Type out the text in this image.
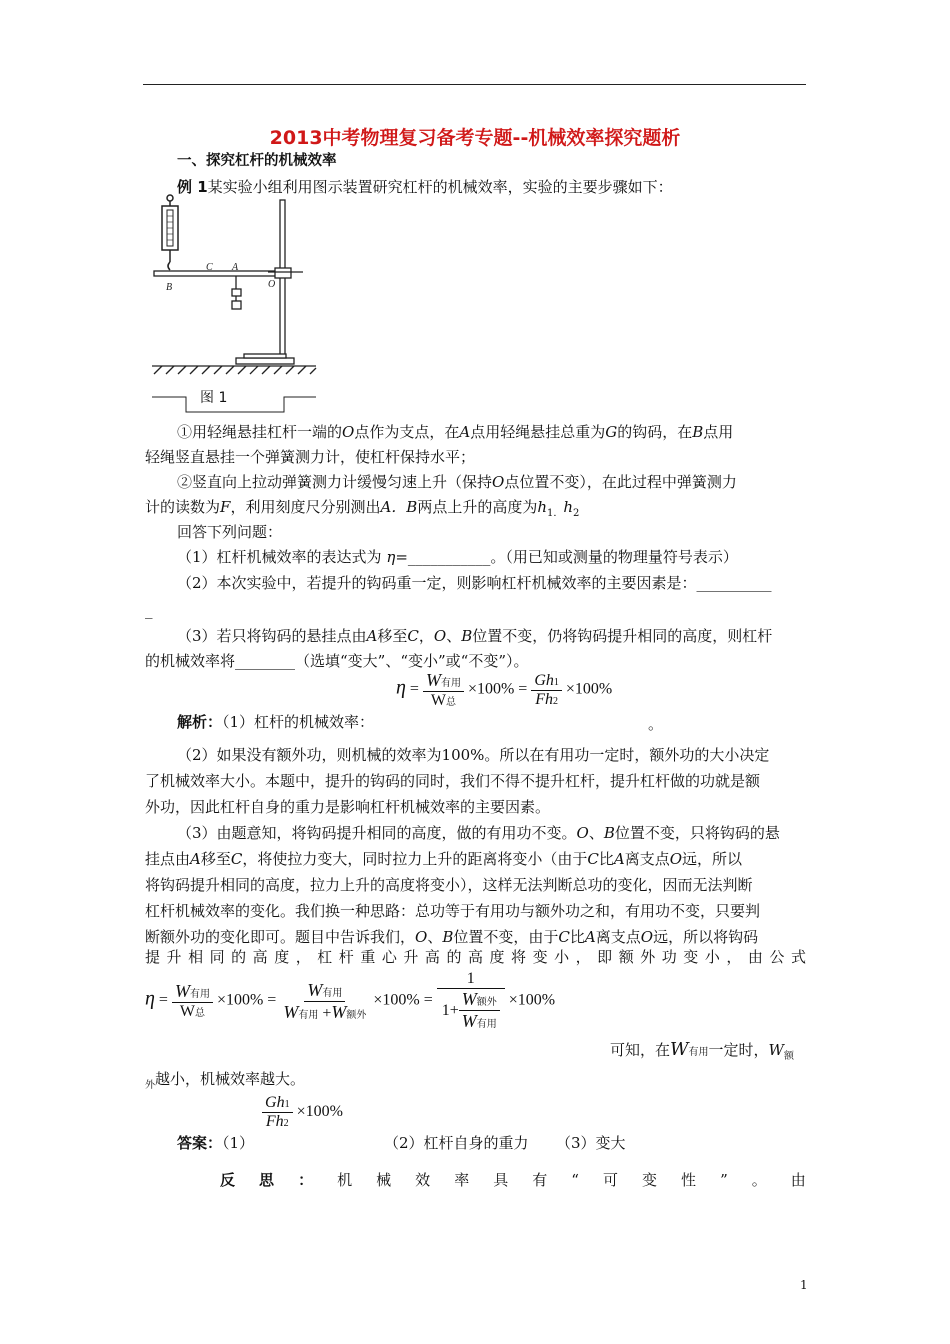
2013中考物理复习备考专题--机械效率探究题析
一、探究杠杆的机械效率
例 1某实验小组利用图示装置研究杠杆的机械效率，实验的主要步骤如下：
B
C A
O
图 1
①用轻绳悬挂杠杆一端的O点作为支点，在A点用轻绳悬挂总重为G的钩码，在B点用
轻绳竖直悬挂一个弹簧测力计，使杠杆保持水平；
②竖直向上拉动弹簧测力计缓慢匀速上升（保持O点位置不变），在此过程中弹簧测力
计的读数为F，利用刻度尺分别测出A．B两点上升的高度为$h_{1.}h_2$
回答下列问题：
（1）杠杆机械效率的表达式为 η=___________。（用已知或测量的物理量符号表示）
（2）本次实验中，若提升的钩码重一定，则影响杠杆机械效率的主要因素是：__________
_
（3）若只将钩码的悬挂点由A移至C，O、B位置不变，仍将钩码提升相同的高度，则杠杆
的机械效率将________（选填“变大”、“变小”或“不变”）。
$\eta = \frac{\text{W有用}}{\text{W总}} \times 100\% = \frac{Gh1}{Fh2} \times 100\%$
解析：（1）杠杆的机械效率：	。
（2）如果没有额外功，则机械的效率为100%。所以在有用功一定时，额外功的大小决定
了机械效率大小。本题中，提升的钩码的同时，我们不得不提升杠杆，提升杠杆做的功就是额
外功，因此杠杆自身的重力是影响杠杆机械效率的主要因素。
（3）由题意知，将钩码提升相同的高度，做的有用功不变。O、B位置不变，只将钩码的悬
挂点由A移至C，将使拉力变大，同时拉力上升的距离将变小（由于C比A离支点O远，所以
将钩码提升相同的高度，拉力上升的高度将变小），这样无法判断总功的变化，因而无法判断
杠杆机械效率的变化。我们换一种思路：总功等于有用功与额外功之和，有用功不变，只要判
断额外功的变化即可。题目中告诉我们，O、B位置不变，由于C比A离支点O远，所以将钩码
提 升 相 同 的 高 度 ， 杠 杆 重 心 升 高 的 高 度 将 变 小 ， 即 额 外 功 变 小 ， 由 公 式
$\eta = \frac{\text{W有用}}{\text{W总}} \times 100\% = \frac{\text{W有用}}{\text{W有用 +W额外}} \times 100\% = \frac{1}{1+ \frac{\text{W额外}}{\text{W有用}}} \times 100\%$
可知，在W有用一定时，$W_额$
$_外$越小，机械效率越大。
$\frac{Gh1}{Fh2} \times 100\%$
答案：（1）	（2）杠杆自身的重力 （3）变大
反 思 ： 机 械 效 率 具 有 “ 可 变 性 ” 。 由
1
